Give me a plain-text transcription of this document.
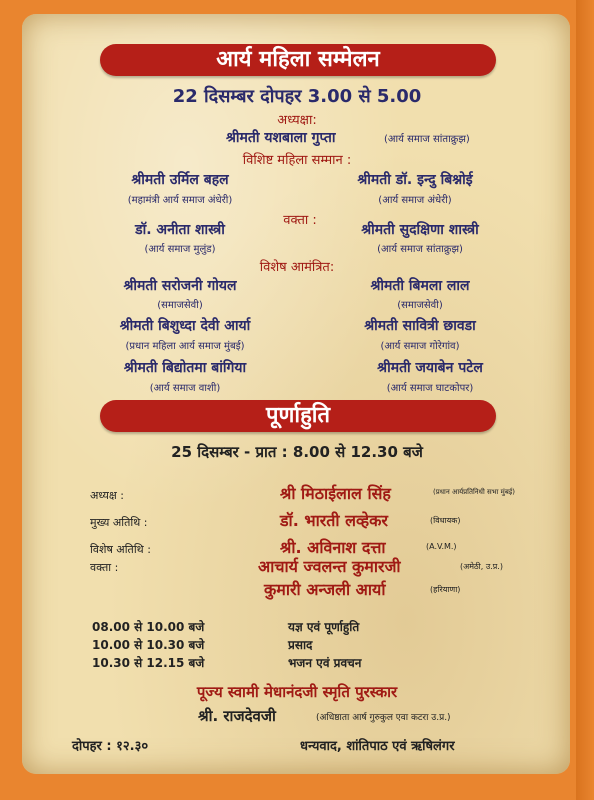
आर्य महिला सम्मेलन
22 दिसम्बर दोपहर 3.00 से 5.00
अध्यक्षा:
श्रीमती यशबाला गुप्ता	(आर्य समाज सांताक्रुझ)
विशिष्ट महिला सम्मान :
श्रीमती उर्मिल बहल
(महामंत्री आर्य समाज अंधेरी)
श्रीमती डॉ. इन्दु बिश्नोई
(आर्य समाज अंधेरी)
वक्ता :
डॉ. अनीता शास्त्री
(आर्य समाज मुलुंड)
श्रीमती सुदक्षिणा शास्त्री
(आर्य समाज सांताक्रुझ)
विशेष आमंत्रित:
श्रीमती सरोजनी गोयल
(समाजसेवी)
श्रीमती बिमला लाल
(समाजसेवी)
श्रीमती बिशुध्दा देवी आर्या
(प्रधान महिला आर्य समाज मुंबई)
श्रीमती सावित्री छावडा
(आर्य समाज गोरेगांव)
श्रीमती बिद्योतमा बांगिया
(आर्य समाज वाशी)
श्रीमती जयाबेन पटेल
(आर्य समाज घाटकोपर)
पूर्णाहुति
25 दिसम्बर - प्रात : 8.00 से 12.30 बजे
अध्यक्ष :	श्री मिठाईलाल सिंह	(प्रधान आर्यप्रतिनिधी सभा मुंबई)
मुख्य अतिथि :	डॉ. भारती लव्हेकर	(विधायक)
विशेष अतिथि :	श्री. अविनाश दत्ता	(A.V.M.)
वक्ता :	आचार्य ज्वलन्त कुमारजी	(अमेठी, उ.प्र.)
कुमारी अन्जली आर्या	(हरियाणा)
08.00 से 10.00 बजे	यज्ञ एवं पूर्णाहुति
10.00 से 10.30 बजे	प्रसाद
10.30 से 12.15 बजे	भजन एवं प्रवचन
पूज्य स्वामी मेधानंदजी स्मृति पुरस्कार
श्री. राजदेवजी	(अधिष्ठाता आर्ष गुरुकुल एवा कटरा उ.प्र.)
दोपहर : १२.३०	धन्यवाद, शांतिपाठ एवं ऋषिलंगर
